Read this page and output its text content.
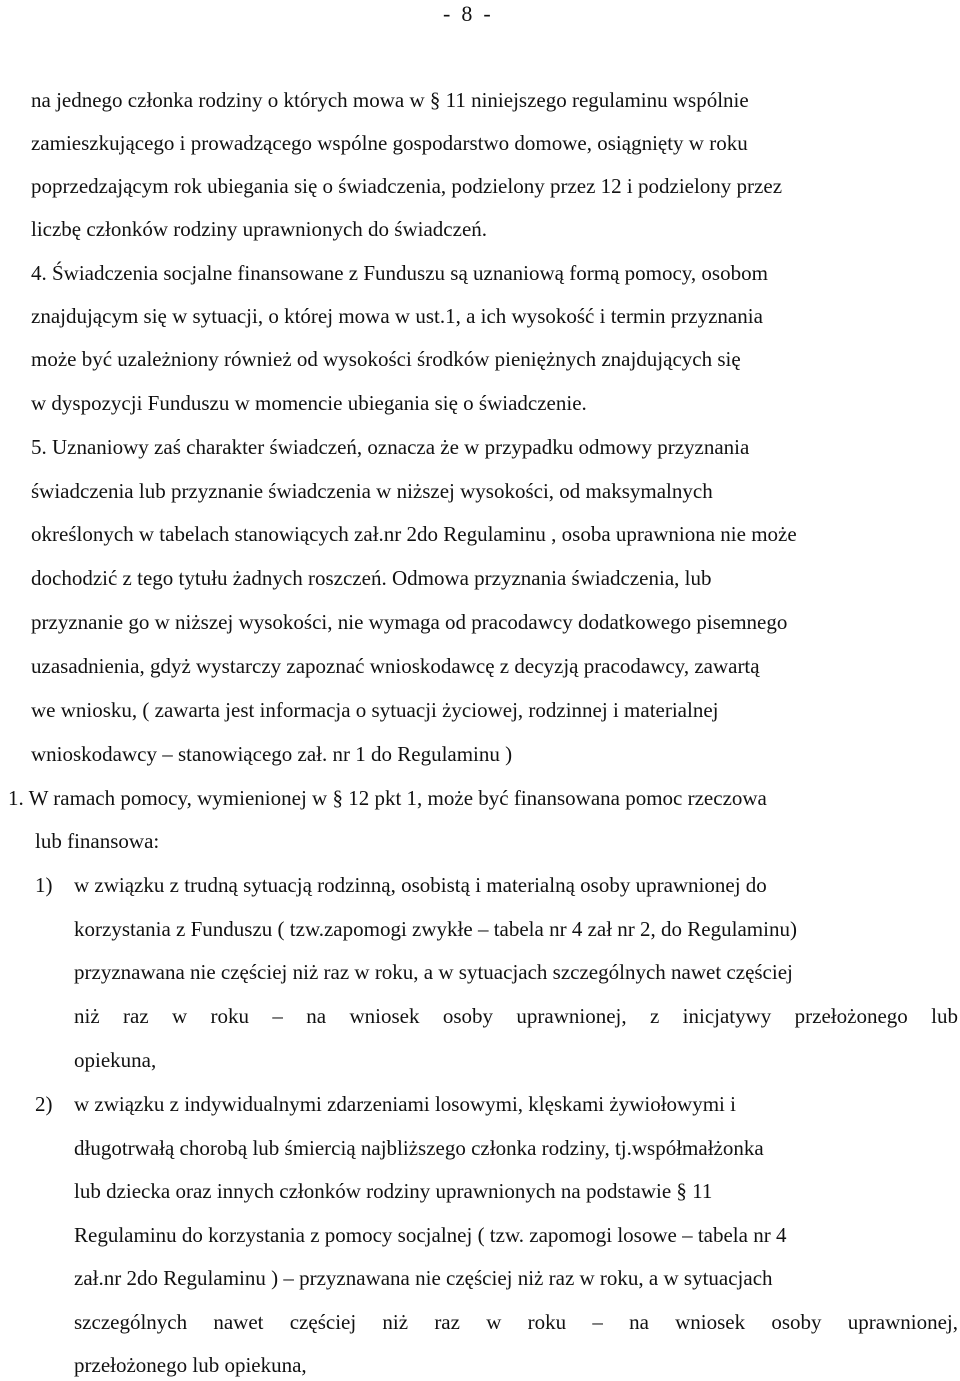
-  8  -
na jednego członka rodziny o których mowa w § 11 niniejszego regulaminu wspólnie
zamieszkującego i prowadzącego wspólne gospodarstwo domowe, osiągnięty w roku
poprzedzającym rok ubiegania się o świadczenia, podzielony przez 12 i podzielony przez
liczbę członków rodziny uprawnionych do świadczeń.
4. Świadczenia socjalne finansowane z Funduszu są uznaniową formą pomocy, osobom
znajdującym się w sytuacji, o której mowa w ust.1, a ich wysokość i termin przyznania
może być uzależniony również od wysokości środków pieniężnych znajdujących się
w dyspozycji Funduszu w momencie ubiegania się o świadczenie.
5. Uznaniowy zaś charakter świadczeń, oznacza że w przypadku odmowy przyznania
świadczenia lub przyznanie świadczenia w niższej wysokości, od maksymalnych
określonych w tabelach stanowiących zał.nr 2do Regulaminu , osoba uprawniona nie może
dochodzić z tego tytułu żadnych roszczeń. Odmowa przyznania świadczenia, lub
przyznanie go w niższej wysokości, nie wymaga od pracodawcy dodatkowego pisemnego
uzasadnienia, gdyż wystarczy zapoznać wnioskodawcę z decyzją pracodawcy, zawartą
we wniosku, ( zawarta jest informacja o sytuacji życiowej, rodzinnej i materialnej
wnioskodawcy – stanowiącego zał. nr 1 do Regulaminu )
1. W ramach pomocy, wymienionej w § 12 pkt 1, może być finansowana pomoc rzeczowa
lub finansowa:
1) w związku z trudną sytuacją rodzinną, osobistą i materialną osoby uprawnionej do
korzystania z Funduszu ( tzw.zapomogi zwykłe – tabela nr 4 zał nr 2, do Regulaminu)
przyznawana nie częściej niż raz w roku, a w sytuacjach szczególnych nawet częściej
niż raz w roku – na wniosek osoby uprawnionej, z inicjatywy przełożonego lub
opiekuna,
2) w związku z indywidualnymi zdarzeniami losowymi, klęskami żywiołowymi i
długotrwałą chorobą lub śmiercią najbliższego członka rodziny, tj.współmałżonka
lub dziecka oraz innych członków rodziny uprawnionych na podstawie § 11
Regulaminu do korzystania z pomocy socjalnej ( tzw. zapomogi losowe – tabela nr 4
zał.nr 2do Regulaminu ) – przyznawana nie częściej niż raz w roku, a w sytuacjach
szczególnych nawet częściej niż raz w roku – na wniosek osoby uprawnionej,
przełożonego lub opiekuna,
